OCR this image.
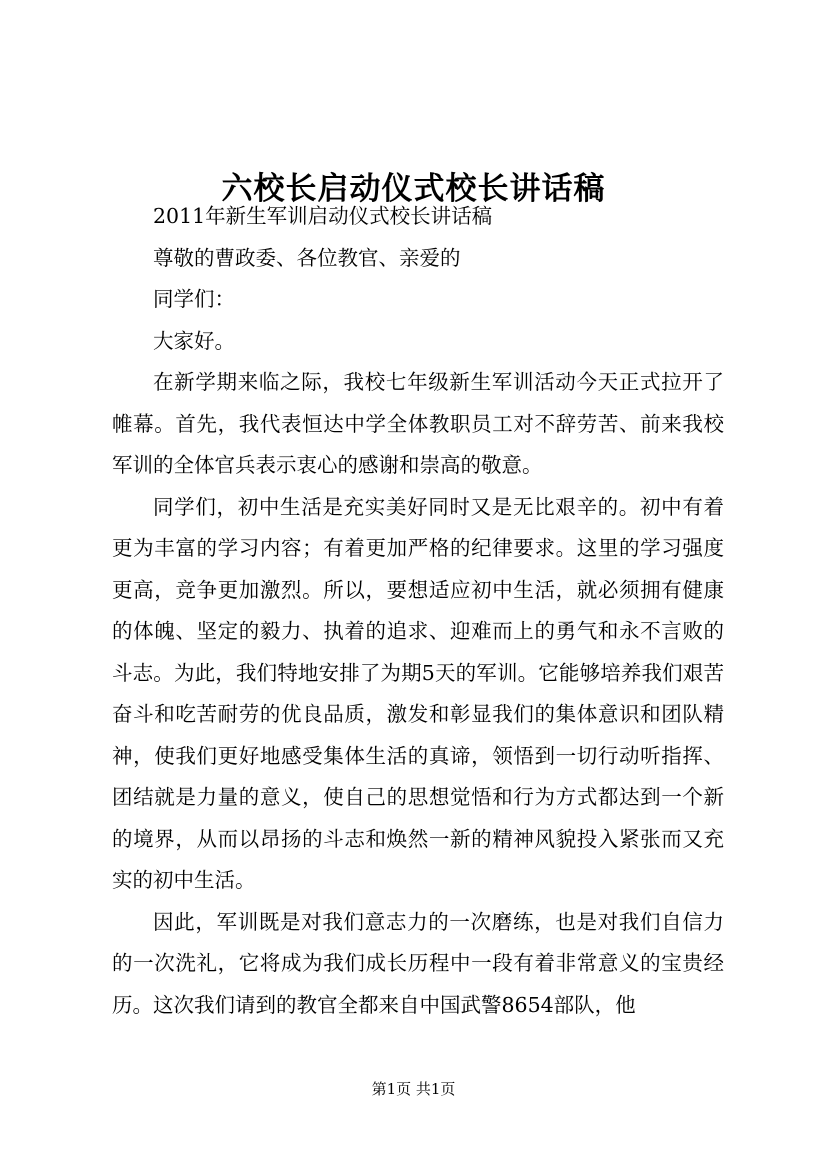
六校长启动仪式校长讲话稿

2011年新生军训启动仪式校长讲话稿

尊敬的曹政委、各位教官、亲爱的

同学们：

大家好。

在新学期来临之际，我校七年级新生军训活动今天正式拉开了帷幕。首先，我代表恒达中学全体教职员工对不辞劳苦、前来我校军训的全体官兵表示衷心的感谢和崇高的敬意。

同学们，初中生活是充实美好同时又是无比艰辛的。初中有着更为丰富的学习内容；有着更加严格的纪律要求。这里的学习强度更高，竞争更加激烈。所以，要想适应初中生活，就必须拥有健康的体魄、坚定的毅力、执着的追求、迎难而上的勇气和永不言败的斗志。为此，我们特地安排了为期5天的军训。它能够培养我们艰苦奋斗和吃苦耐劳的优良品质，激发和彰显我们的集体意识和团队精神，使我们更好地感受集体生活的真谛，领悟到一切行动听指挥、团结就是力量的意义，使自己的思想觉悟和行为方式都达到一个新的境界，从而以昂扬的斗志和焕然一新的精神风貌投入紧张而又充实的初中生活。

因此，军训既是对我们意志力的一次磨练，也是对我们自信力的一次洗礼，它将成为我们成长历程中一段有着非常意义的宝贵经历。这次我们请到的教官全都来自中国武警8654部队，他

第1页 共1页
